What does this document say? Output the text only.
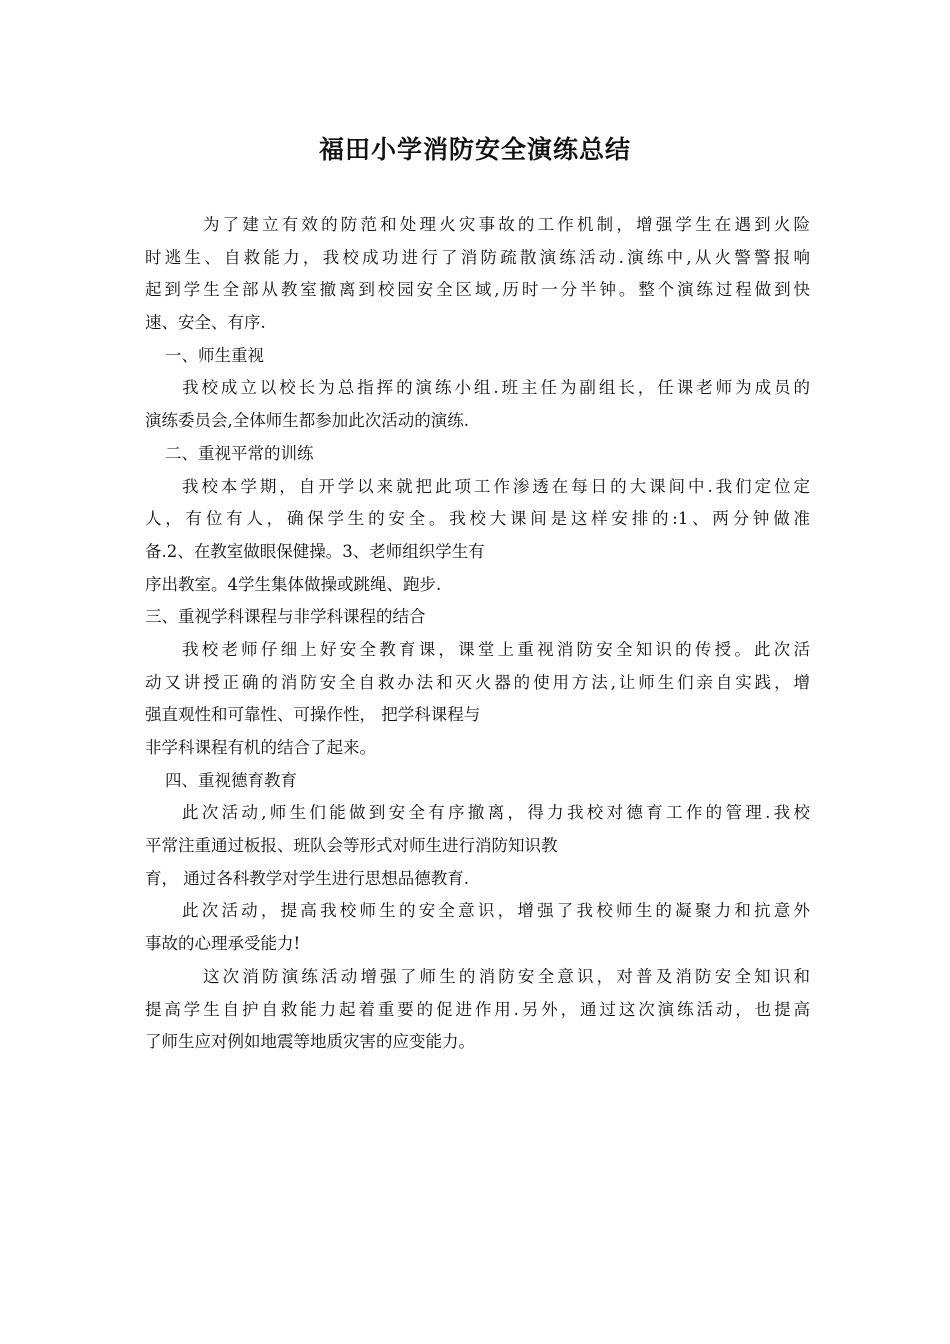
福田小学消防安全演练总结
为了建立有效的防范和处理火灾事故的工作机制，增强学生在遇到火险
时逃生、自救能力，我校成功进行了消防疏散演练活动.演练中,从火警警报响
起到学生全部从教室撤离到校园安全区域,历时一分半钟。整个演练过程做到快
速、安全、有序.
一、师生重视
我校成立以校长为总指挥的演练小组.班主任为副组长，任课老师为成员的
演练委员会,全体师生都参加此次活动的演练.
二、重视平常的训练
我校本学期，自开学以来就把此项工作渗透在每日的大课间中.我们定位定
人，有位有人，确保学生的安全。我校大课间是这样安排的:1、两分钟做准
备.2、在教室做眼保健操。3、老师组织学生有
序出教室。4学生集体做操或跳绳、跑步.
三、重视学科课程与非学科课程的结合
我校老师仔细上好安全教育课，课堂上重视消防安全知识的传授。此次活
动又讲授正确的消防安全自救办法和灭火器的使用方法,让师生们亲自实践，增
强直观性和可靠性、可操作性， 把学科课程与
非学科课程有机的结合了起来。
四、重视德育教育
此次活动,师生们能做到安全有序撤离，得力我校对德育工作的管理.我校
平常注重通过板报、班队会等形式对师生进行消防知识教
育， 通过各科教学对学生进行思想品德教育.
此次活动，提高我校师生的安全意识，增强了我校师生的凝聚力和抗意外
事故的心理承受能力!
这次消防演练活动增强了师生的消防安全意识，对普及消防安全知识和
提高学生自护自救能力起着重要的促进作用.另外，通过这次演练活动，也提高
了师生应对例如地震等地质灾害的应变能力。
